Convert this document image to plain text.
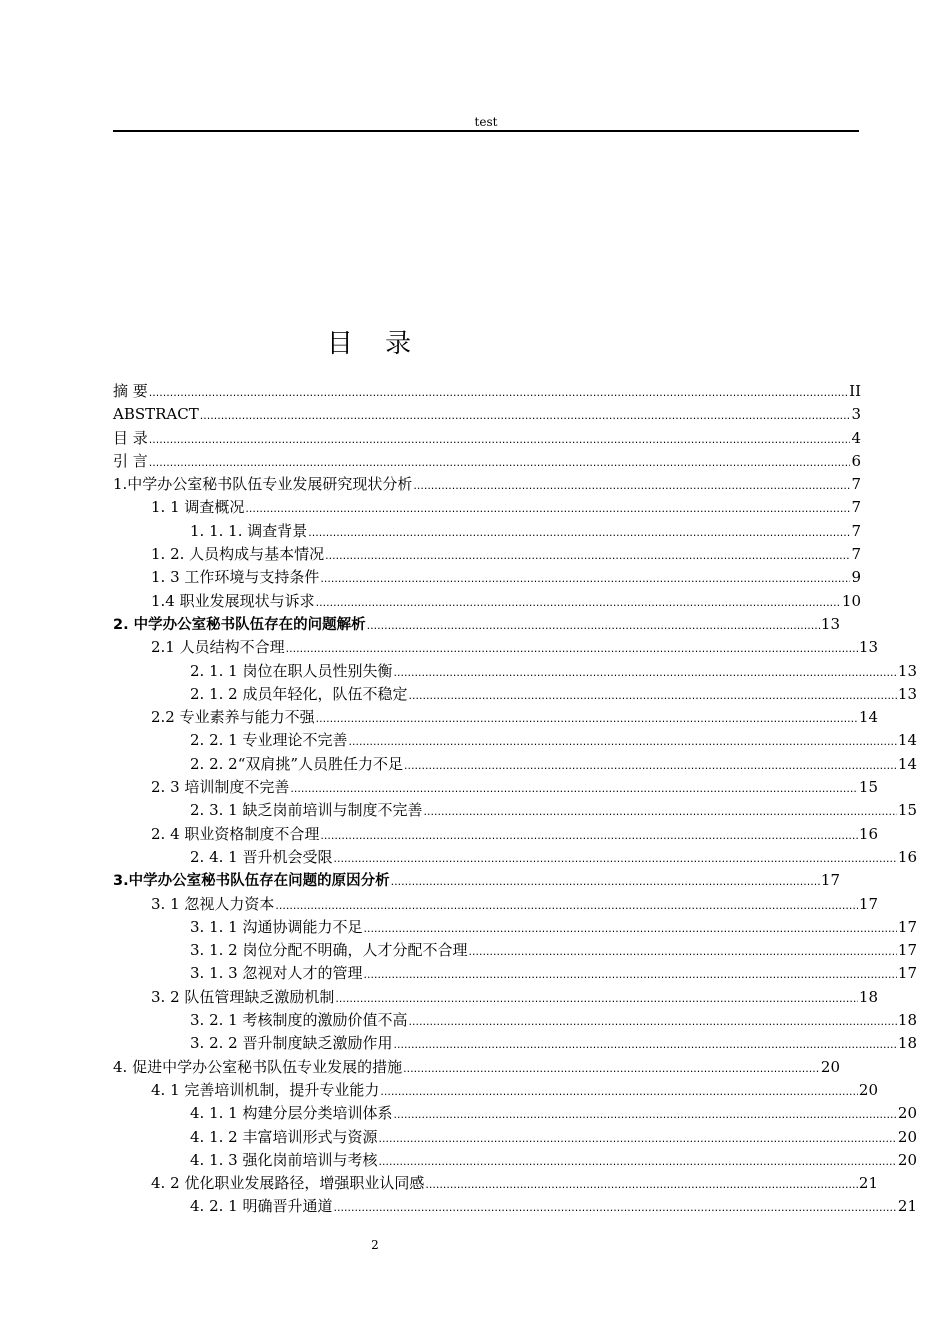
test
目 录
摘 要 .....	II
ABSTRACT .....	3
目 录 .....	4
引 言 .....	6
1.中学办公室秘书队伍专业发展研究现状分析 .....	7
1. 1 调查概况 .....	7
1. 1. 1. 调查背景 .....	7
1. 2. 人员构成与基本情况 .....	7
1. 3 工作环境与支持条件 .....	9
1.4 职业发展现状与诉求 .....	10
2. 中学办公室秘书队伍存在的问题解析 .....	13
2.1 人员结构不合理 .....	13
2. 1. 1 岗位在职人员性别失衡 .....	13
2. 1. 2 成员年轻化，队伍不稳定 .....	13
2.2 专业素养与能力不强 .....	14
2. 2. 1 专业理论不完善 .....	14
2. 2. 2“双肩挑”人员胜任力不足 .....	14
2. 3 培训制度不完善 .....	15
2. 3. 1 缺乏岗前培训与制度不完善 .....	15
2. 4 职业资格制度不合理 .....	16
2. 4. 1 晋升机会受限 .....	16
3.中学办公室秘书队伍存在问题的原因分析 .....	17
3. 1 忽视人力资本 .....	17
3. 1. 1 沟通协调能力不足 .....	17
3. 1. 2 岗位分配不明确，人才分配不合理 .....	17
3. 1. 3 忽视对人才的管理 .....	17
3. 2 队伍管理缺乏激励机制 .....	18
3. 2. 1 考核制度的激励价值不高 .....	18
3. 2. 2 晋升制度缺乏激励作用 .....	18
4. 促进中学办公室秘书队伍专业发展的措施 .....	20
4. 1 完善培训机制，提升专业能力 .....	20
4. 1. 1 构建分层分类培训体系 .....	20
4. 1. 2 丰富培训形式与资源 .....	20
4. 1. 3 强化岗前培训与考核 .....	20
4. 2 优化职业发展路径，增强职业认同感 .....	21
4. 2. 1 明确晋升通道 .....	21
2
